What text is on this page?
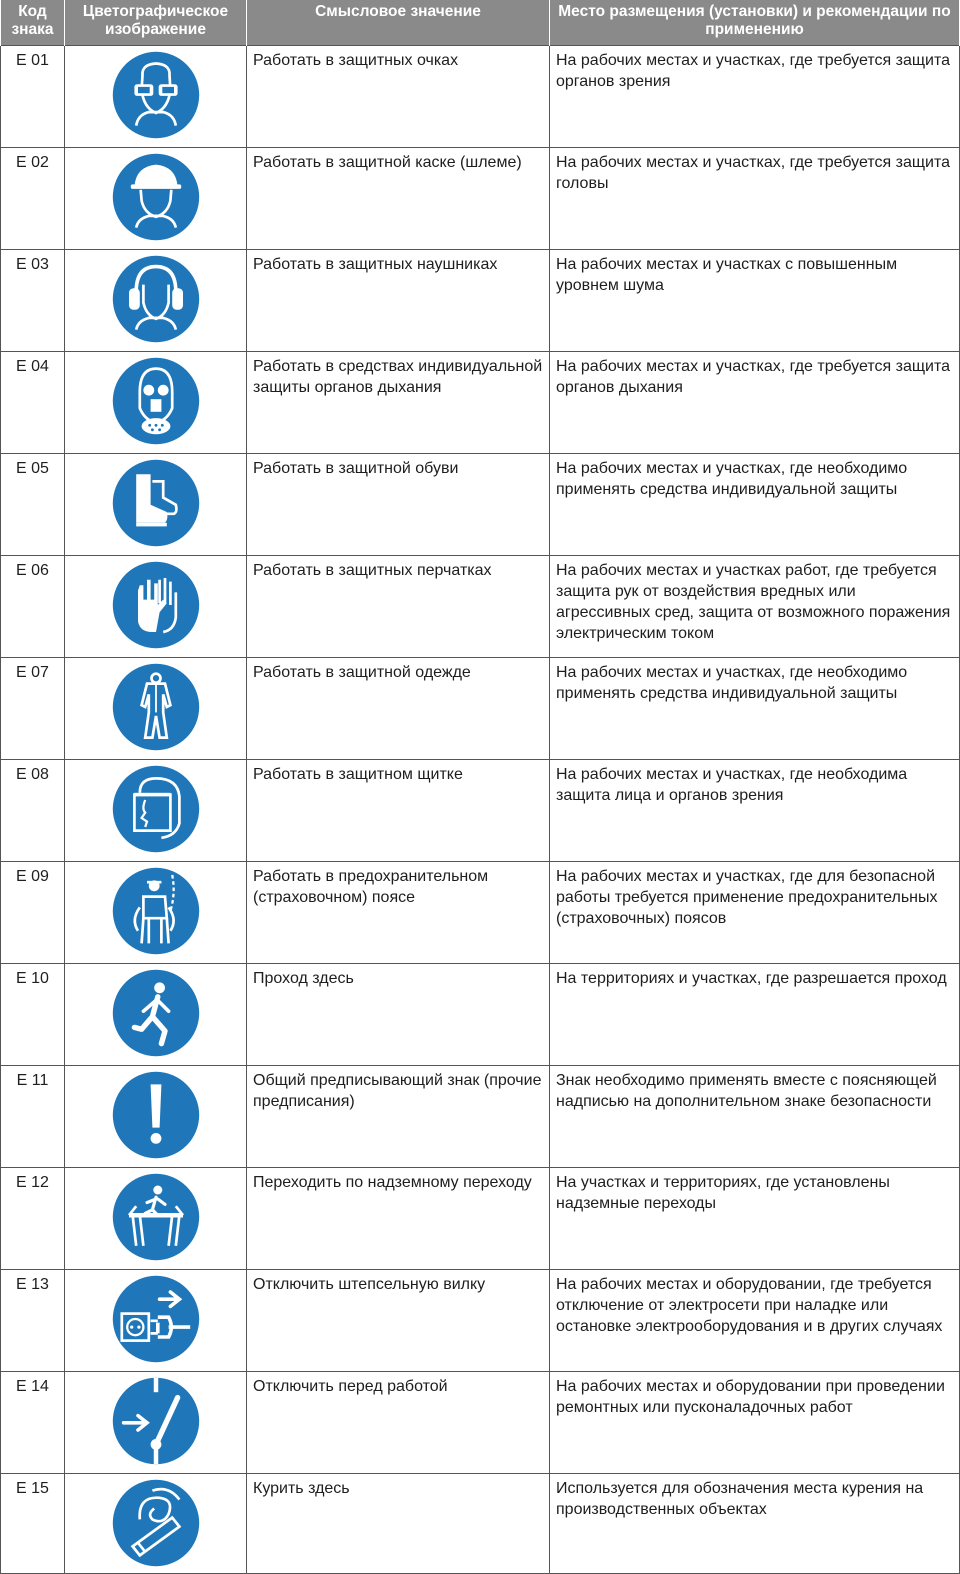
Код знака	Цветографическое изображение	Смысловое значение	Место размещения (установки) и рекомендации по применению
E 01		Работать в защитных очках	На рабочих местах и участках, где требуется защита органов зрения
E 02		Работать в защитной каске (шлеме)	На рабочих местах и участках, где требуется защита головы
E 03		Работать в защитных наушниках	На рабочих местах и участках с повышенным уровнем шума
E 04		Работать в средствах индивидуальной защиты органов дыхания	На рабочих местах и участках, где требуется защита органов дыхания
E 05		Работать в защитной обуви	На рабочих местах и участках, где необходимо применять средства индивидуальной защиты
E 06		Работать в защитных перчатках	На рабочих местах и участках работ, где требуется защита рук от воздействия вредных или агрессивных сред, защита от возможного поражения электрическим током
E 07		Работать в защитной одежде	На рабочих местах и участках, где необходимо применять средства индивидуальной защиты
E 08		Работать в защитном щитке	На рабочих местах и участках, где необходима защита лица и органов зрения
E 09		Работать в предохранительном (страховочном) поясе	На рабочих местах и участках, где для безопасной работы требуется применение предохранительных (страховочных) поясов
E 10		Проход здесь	На территориях и участках, где разрешается проход
E 11		Общий предписывающий знак (прочие предписания)	Знак необходимо применять вместе с поясняющей надписью на дополнительном знаке безопасности
E 12		Переходить по надземному переходу	На участках и территориях, где установлены надземные переходы
E 13		Отключить штепсельную вилку	На рабочих местах и оборудовании, где требуется отключение от электросети при наладке или остановке электрооборудования и в других случаях
E 14		Отключить перед работой	На рабочих местах и оборудовании при проведении ремонтных или пусконаладочных работ
E 15		Курить здесь	Используется для обозначения места курения на производственных объектах
